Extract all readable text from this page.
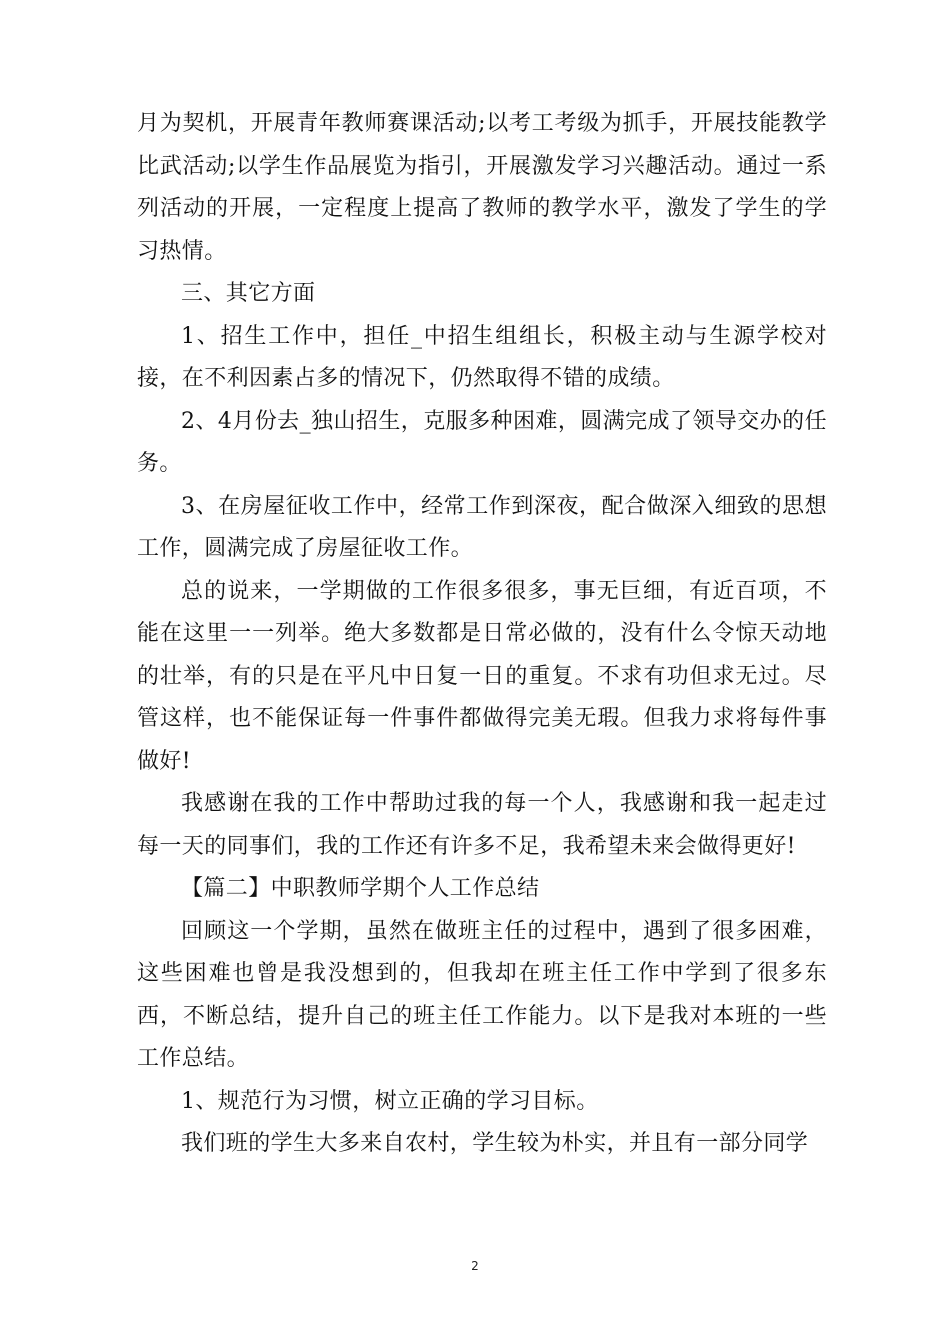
月为契机，开展青年教师赛课活动;以考工考级为抓手，开展技能教学比武活动;以学生作品展览为指引，开展激发学习兴趣活动。通过一系列活动的开展，一定程度上提高了教师的教学水平，激发了学生的学习热情。

三、其它方面

1、招生工作中，担任_中招生组组长，积极主动与生源学校对接，在不利因素占多的情况下，仍然取得不错的成绩。

2、4月份去_独山招生，克服多种困难，圆满完成了领导交办的任务。

3、在房屋征收工作中，经常工作到深夜，配合做深入细致的思想工作，圆满完成了房屋征收工作。

总的说来，一学期做的工作很多很多，事无巨细，有近百项，不能在这里一一列举。绝大多数都是日常必做的，没有什么令惊天动地的壮举，有的只是在平凡中日复一日的重复。不求有功但求无过。尽管这样，也不能保证每一件事件都做得完美无瑕。但我力求将每件事做好!

我感谢在我的工作中帮助过我的每一个人，我感谢和我一起走过每一天的同事们，我的工作还有许多不足，我希望未来会做得更好!

【篇二】中职教师学期个人工作总结

回顾这一个学期，虽然在做班主任的过程中，遇到了很多困难，这些困难也曾是我没想到的，但我却在班主任工作中学到了很多东西，不断总结，提升自己的班主任工作能力。以下是我对本班的一些工作总结。

1、规范行为习惯，树立正确的学习目标。

我们班的学生大多来自农村，学生较为朴实，并且有一部分同学

2
